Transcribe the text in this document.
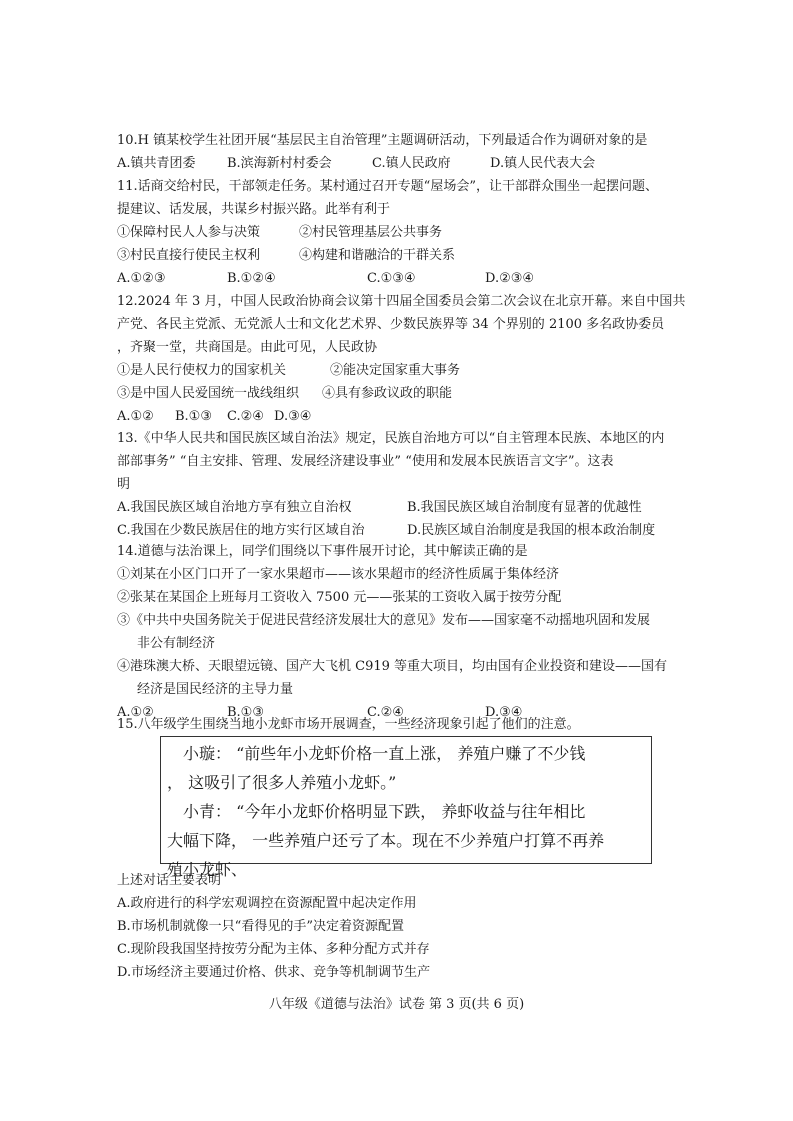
10.H 镇某校学生社团开展“基层民主自治管理”主题调研活动，下列最适合作为调研对象的是
A.镇共青团委 B.滨海新村村委会	C.镇人民政府	D.镇人民代表大会
11.话商交给村民，干部领走任务。某村通过召开专题“屋场会”，让干部群众围坐一起摆问题、
提建议、话发展，共谋乡村振兴路。此举有利于
①保障村民人人参与决策	②村民管理基层公共事务
③村民直接行使民主权利	④构建和谐融洽的干群关系
A.①②③	B.①②④	C.①③④	D.②③④
12.2024 年 3 月，中国人民政治协商会议第十四届全国委员会第二次会议在北京开幕。来自中国共
产党、各民主党派、无党派人士和文化艺术界、少数民族界等 34 个界别的 2100 多名政协委员
，齐聚一堂，共商国是。由此可见，人民政协
①是人民行使权力的国家机关	②能决定国家重大事务
③是中国人民爱国统一战线组织 ④具有参政议政的职能
A.①② B.①③ C.②④ D.③④
13.《中华人民共和国民族区域自治法》规定，民族自治地方可以“自主管理本民族、本地区的内
部部事务” “自主安排、管理、发展经济建设事业” “使用和发展本民族语言文字”。这表
明
A.我国民族区域自治地方享有独立自治权	B.我国民族区域自治制度有显著的优越性
C.我国在少数民族居住的地方实行区域自治	D.民族区域自治制度是我国的根本政治制度
14.道德与法治课上，同学们围绕以下事件展开讨论，其中解读正确的是
①刘某在小区门口开了一家水果超市——该水果超市的经济性质属于集体经济
②张某在某国企上班每月工资收入 7500 元——张某的工资收入属于按劳分配
③《中共中央国务院关于促进民营经济发展壮大的意见》发布——国家毫不动摇地巩固和发展
非公有制经济
④港珠澳大桥、天眼望远镜、国产大飞机 C919 等重大项目，均由国有企业投资和建设——国有
经济是国民经济的主导力量
A.①②	B.①③	C.②④	D.③④
15.八年级学生围绕当地小龙虾市场开展调查，一些经济现象引起了他们的注意。
小璇： “前些年小龙虾价格一直上涨， 养殖户赚了不少钱
， 这吸引了很多人养殖小龙虾。”
小青： “今年小龙虾价格明显下跌， 养虾收益与往年相比
大幅下降， 一些养殖户还亏了本。现在不少养殖户打算不再养
殖小龙虾、
上述对话主要表明
A.政府进行的科学宏观调控在资源配置中起决定作用
B.市场机制就像一只“看得见的手”决定着资源配置
C.现阶段我国坚持按劳分配为主体、多种分配方式并存
D.市场经济主要通过价格、供求、竞争等机制调节生产
八年级《道德与法治》试卷 第 3 页(共 6 页)
